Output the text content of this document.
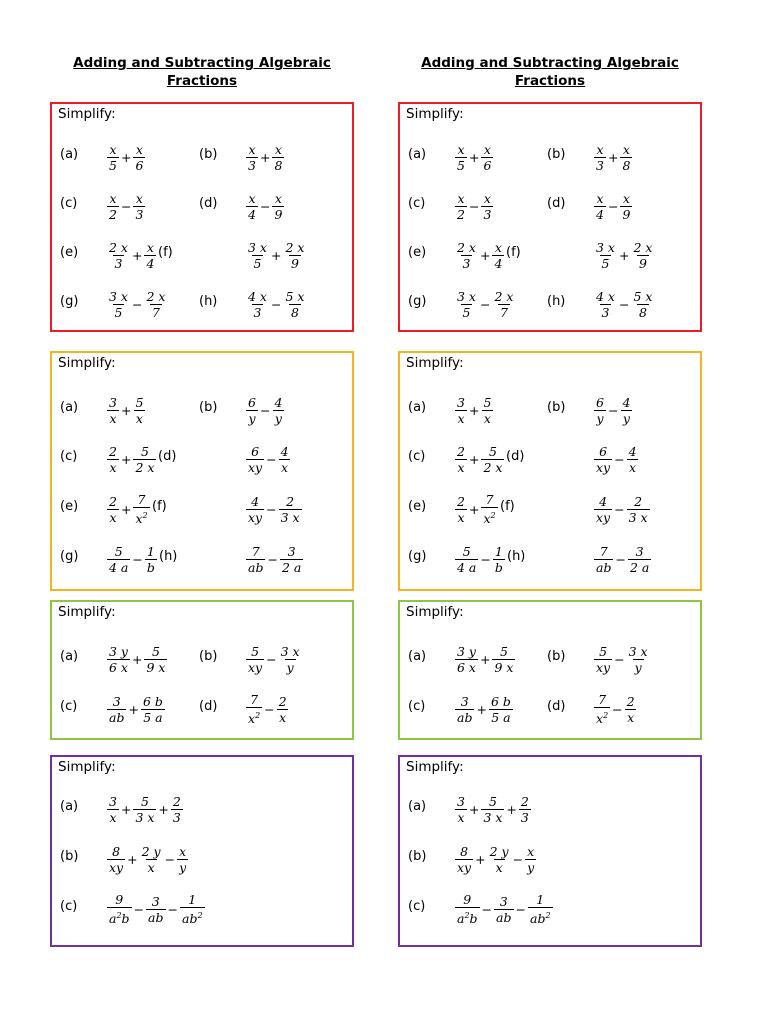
Adding and Subtracting Algebraic Fractions
Simplify:
$(a) \frac{x}{5} + \frac{x}{6}$	$(b) \frac{x}{3} + \frac{x}{8}$
$(c) \frac{x}{2} - \frac{x}{3}$	$(d) \frac{x}{4} - \frac{x}{9}$
$(e) \frac{2 x}{3} + \frac{x}{4} (f)$	$\frac{3 x}{5} + \frac{2 x}{9}$
$(g) \frac{3 x}{5} - \frac{2 x}{7} (h) \frac{4 x}{3} - \frac{5 x}{8}$
Simplify:
$(a) \frac{3}{x} + \frac{5}{x}$	$(b) \frac{6}{y} - \frac{4}{y}$
$(c) \frac{2}{x} + \frac{5}{2 x} (d)$	$\frac{6}{xy} - \frac{4}{x}$
$(e) \frac{2}{x} + \frac{7}{x^2} (f)$	$\frac{4}{xy} - \frac{2}{3 x}$
$(g) \frac{5}{4 a} - \frac{1}{b} (h)$	$\frac{7}{ab} - \frac{3}{2 a}$
Simplify:
$(a) \frac{3 y}{6 x} + \frac{5}{9 x} (b) \frac{5}{xy} - \frac{3 x}{y}$
$(c) \frac{3}{ab} + \frac{6 b}{5 a}$	$(d) \frac{7}{x^2} - \frac{2}{x}$
Simplify:
$(a) \frac{3}{x} + \frac{5}{3 x} + \frac{2}{3}$
$(b) \frac{8}{xy} + \frac{2 y}{x} - \frac{x}{y}$
$(c) \frac{9}{a^2b} - \frac{3}{ab} - \frac{1}{ab^2}$
Adding and Subtracting Algebraic Fractions
Simplify:
$(a) \frac{x}{5} + \frac{x}{6}$	$(b) \frac{x}{3} + \frac{x}{8}$
$(c) \frac{x}{2} - \frac{x}{3}$	$(d) \frac{x}{4} - \frac{x}{9}$
$(e) \frac{2 x}{3} + \frac{x}{4} (f)$	$\frac{3 x}{5} + \frac{2 x}{9}$
$(g) \frac{3 x}{5} - \frac{2 x}{7} (h) \frac{4 x}{3} - \frac{5 x}{8}$
Simplify:
$(a) \frac{3}{x} + \frac{5}{x}$	$(b) \frac{6}{y} - \frac{4}{y}$
$(c) \frac{2}{x} + \frac{5}{2 x} (d)$	$\frac{6}{xy} - \frac{4}{x}$
$(e) \frac{2}{x} + \frac{7}{x^2} (f)$	$\frac{4}{xy} - \frac{2}{3 x}$
$(g) \frac{5}{4 a} - \frac{1}{b} (h)$	$\frac{7}{ab} - \frac{3}{2 a}$
Simplify:
$(a) \frac{3 y}{6 x} + \frac{5}{9 x} (b) \frac{5}{xy} - \frac{3 x}{y}$
$(c) \frac{3}{ab} + \frac{6 b}{5 a}$	$(d) \frac{7}{x^2} - \frac{2}{x}$
Simplify:
$(a) \frac{3}{x} + \frac{5}{3 x} + \frac{2}{3}$
$(b) \frac{8}{xy} + \frac{2 y}{x} - \frac{x}{y}$
$(c) \frac{9}{a^2b} - \frac{3}{ab} - \frac{1}{ab^2}$
